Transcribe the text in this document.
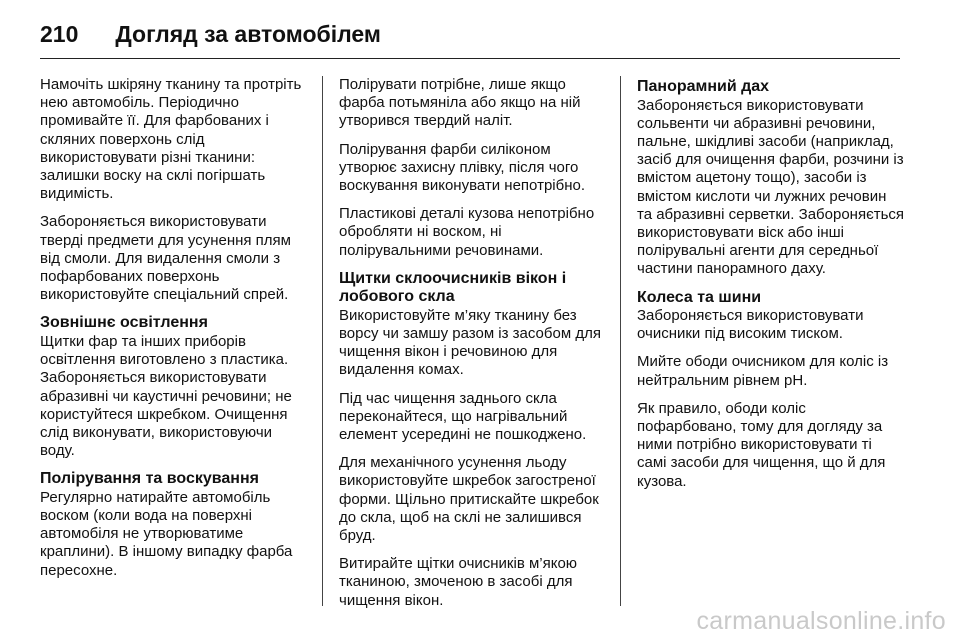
210 Догляд за автомобілем

Намочіть шкіряну тканину та протріть нею автомобіль. Періодично промивайте її. Для фарбованих і скляних поверхонь слід використовувати різні тканини: залишки воску на склі погіршать видимість.

Забороняється використовувати тверді предмети для усунення плям від смоли. Для видалення смоли з пофарбованих поверхонь використовуйте спеціальний спрей.

Зовнішнє освітлення

Щитки фар та інших приборів освітлення виготовлено з пластика. Забороняється використовувати абразивні чи каустичні речовини; не користуйтеся шкребком. Очищення слід виконувати, використовуючи воду.

Полірування та воскування

Регулярно натирайте автомобіль воском (коли вода на поверхні автомобіля не утворюватиме краплини). В іншому випадку фарба пересохне.

Полірувати потрібне, лише якщо фарба потьмяніла або якщо на ній утворився твердий наліт.

Полірування фарби силіконом утворює захисну плівку, після чого воскування виконувати непотрібно.

Пластикові деталі кузова непотрібно обробляти ні воском, ні полірувальними речовинами.

Щитки склоочисників вікон і лобового скла

Використовуйте м’яку тканину без ворсу чи замшу разом із засобом для чищення вікон і речовиною для видалення комах.

Під час чищення заднього скла переконайтеся, що нагрівальний елемент усередині не пошкоджено.

Для механічного усунення льоду використовуйте шкребок загостреної форми. Щільно притискайте шкребок до скла, щоб на склі не залишився бруд.

Витирайте щітки очисників м’якою тканиною, змоченою в засобі для чищення вікон.

Панорамний дах

Забороняється використовувати сольвенти чи абразивні речовини, пальне, шкідливі засоби (наприклад, засіб для очищення фарби, розчини із вмістом ацетону тощо), засоби із вмістом кислоти чи лужних речовин та абразивні серветки. Забороняється використовувати віск або інші полірувальні агенти для середньої частини панорамного даху.

Колеса та шини

Забороняється використовувати очисники під високим тиском.

Мийте ободи очисником для коліс із нейтральним рівнем pH.

Як правило, ободи коліс пофарбовано, тому для догляду за ними потрібно використовувати ті самі засоби для чищення, що й для кузова.

carmanualsonline.info
